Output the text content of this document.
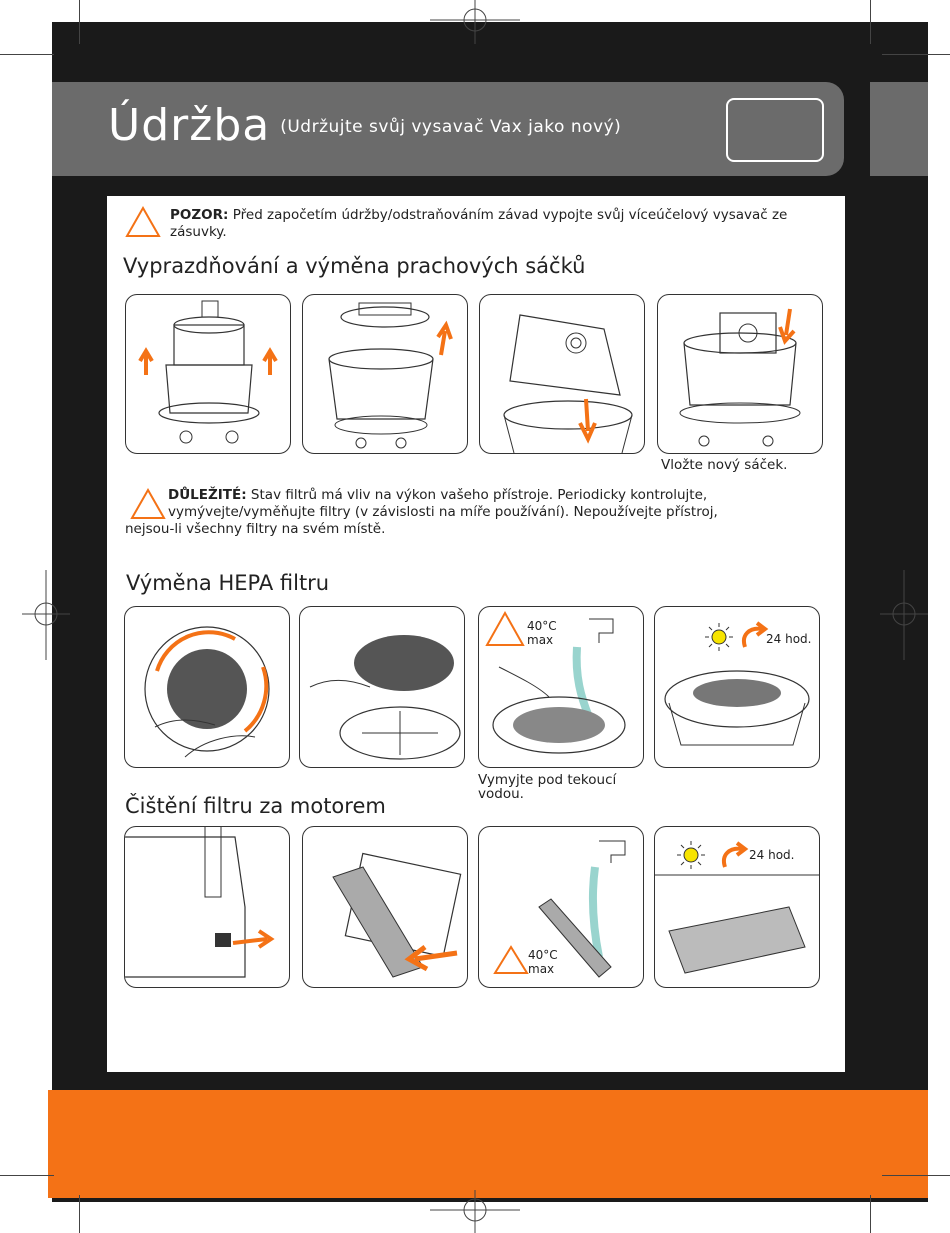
Údržba (Udržujte svůj vysavač Vax jako nový)
POZOR: Před započetím údržby/odstraňováním závad vypojte svůj víceúčelový vysavač ze zásuvky.
Vyprazdňování a výměna prachových sáčků
Vložte nový sáček.
DŮLEŽITÉ: Stav filtrů má vliv na výkon vašeho přístroje. Periodicky kontrolujte,
vymývejte/vyměňujte filtry (v závislosti na míře používání). Nepoužívejte přístroj,
nejsou-li všechny filtry na svém místě.
Výměna HEPA filtru
40°C
max	24 hod.
Vymyjte pod tekoucí vodou.
Čištění filtru za motorem
40°C
max
24 hod.
